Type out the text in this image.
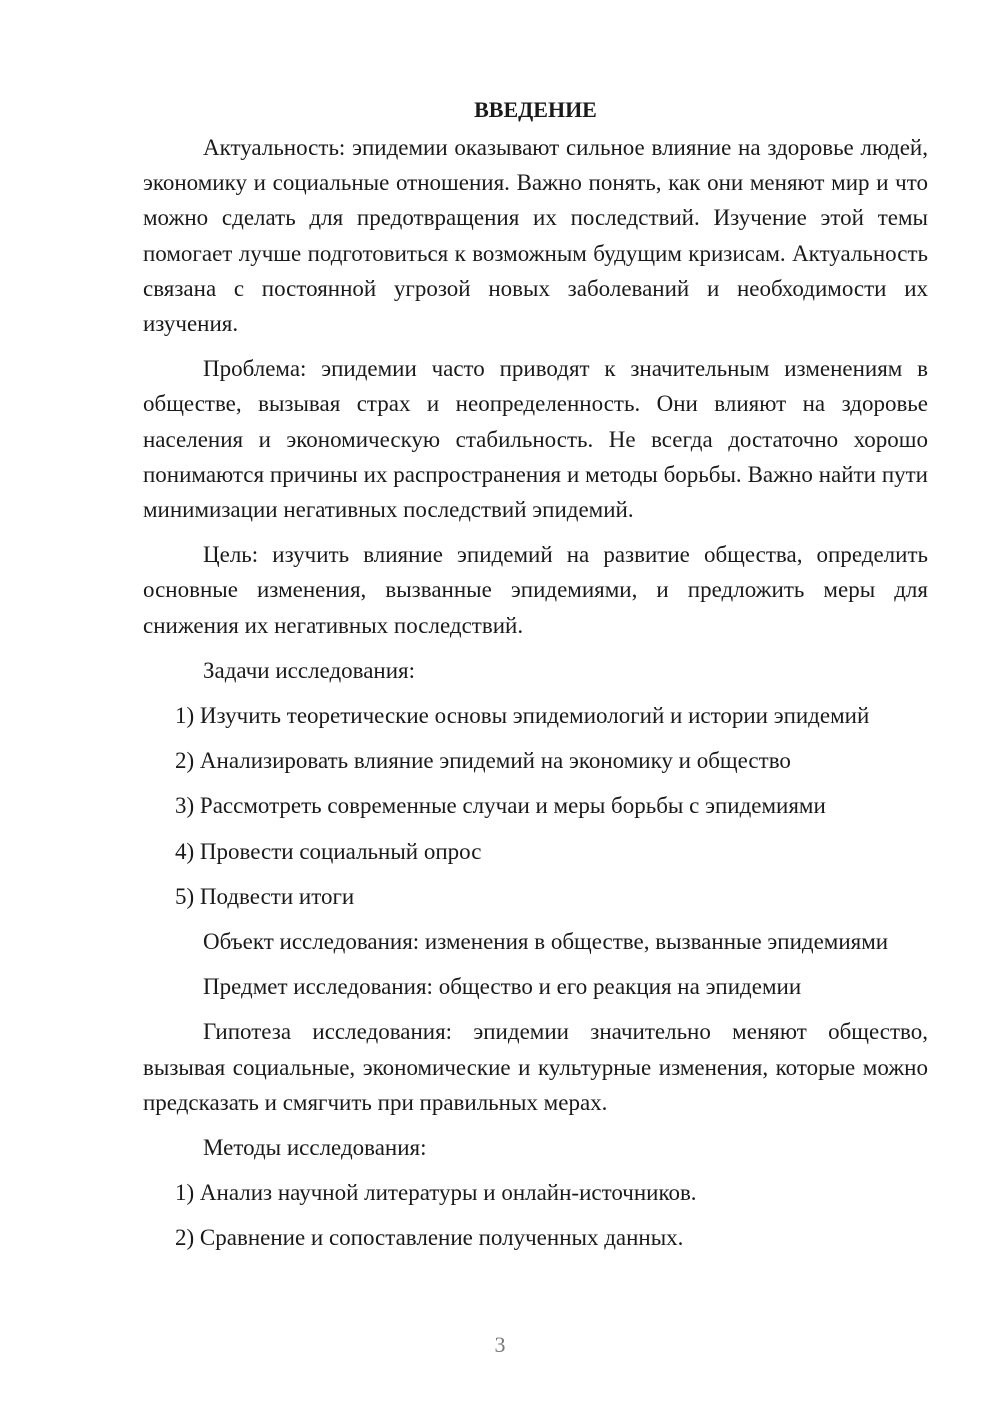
ВВЕДЕНИЕ

Актуальность: эпидемии оказывают сильное влияние на здоровье людей, экономику и социальные отношения. Важно понять, как они меняют мир и что можно сделать для предотвращения их последствий. Изучение этой темы помогает лучше подготовиться к возможным будущим кризисам. Актуальность связана с постоянной угрозой новых заболеваний и необходимости их изучения.

Проблема: эпидемии часто приводят к значительным изменениям в обществе, вызывая страх и неопределенность. Они влияют на здоровье населения и экономическую стабильность. Не всегда достаточно хорошо понимаются причины их распространения и методы борьбы. Важно найти пути минимизации негативных последствий эпидемий.

Цель: изучить влияние эпидемий на развитие общества, определить основные изменения, вызванные эпидемиями, и предложить меры для снижения их негативных последствий.

Задачи исследования:

1) Изучить теоретические основы эпидемиологий и истории эпидемий
2) Анализировать влияние эпидемий на экономику и общество
3) Рассмотреть современные случаи и меры борьбы с эпидемиями
4) Провести социальный опрос
5) Подвести итоги

Объект исследования: изменения в обществе, вызванные эпидемиями

Предмет исследования: общество и его реакция на эпидемии

Гипотеза исследования: эпидемии значительно меняют общество, вызывая социальные, экономические и культурные изменения, которые можно предсказать и смягчить при правильных мерах.

Методы исследования:

1) Анализ научной литературы и онлайн-источников.
2) Сравнение и сопоставление полученных данных.
3
